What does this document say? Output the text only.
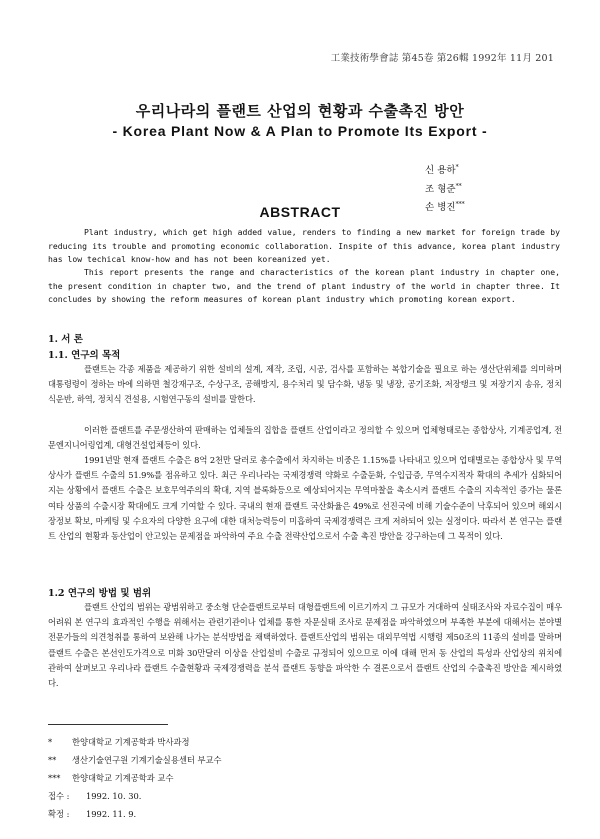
工業技術學會誌 第45卷 第26輯 1992年 11月 201
우리나라의 플랜트 산업의 현황과 수출촉진 방안
- Korea Plant Now & A Plan to Promote Its Export -
신 용하*
조 형준**
손 병진***
ABSTRACT
Plant industry, which get high added value, renders to finding a new market for foreign trade by reducing its trouble and promoting economic collaboration. Inspite of this advance, korea plant industry has low techical know-how and has not been koreanized yet.
This report presents the range and characteristics of the korean plant industry in chapter one, the present condition in chapter two, and the trend of plant industry of the world in chapter three. It concludes by showing the reform measures of korean plant industry which promoting korean export.
1. 서 론
1.1. 연구의 목적
플랜트는 각종 제품을 제공하기 위한 설비의 설계, 제작, 조립, 시공, 검사를 포함하는 복합기술을 필요로 하는 생산단위체를 의미하며 대통령령이 정하는 바에 의하면 철강재구조, 수상구조, 공해방지, 용수처리 및 담수화, 냉동 및 냉장, 공기조화, 저장탱크 및 저장기지 송유, 정치식운반, 하역, 정치식 견설용, 시험연구동의 설비를 말한다.
이러한 플랜트를 주문생산하여 판매하는 업체들의 집합을 플랜트 산업이라고 정의할 수 있으며 업체형태로는 종합상사, 기계공업계, 전문엔지니어링업계, 대형건설업체등이 있다.
1991년말 현재 플랜트 수출은 8억 2천만 달러로 총수출에서 차지하는 비중은 1.15%를 나타내고 있으며 업태별로는 종합상사 및 무역상사가 플랜트 수출의 51.9%를 점유하고 있다. 최근 우리나라는 국제경쟁력 약화로 수출둔화, 수입급증, 무역수지적자 확대의 추세가 심화되어지는 상황에서 플랜트 수출은 보호무역주의의 확대, 지역 블록화등으로 예상되어지는 무역마찰을 촉소시켜 플랜트 수출의 지속적인 증가는 물론 여타 상품의 수출시장 확대에도 크게 기여할 수 있다. 국내의 현재 플랜트 국산화율은 49%로 선진국에 비해 기술수준이 낙후되어 있으며 해외시장정보 확보, 마케팅 및 수요자의 다양한 요구에 대한 대처능력등이 미흡하여 국제경쟁력은 크게 저하되어 있는 실정이다. 따라서 본 연구는 플랜트 산업의 현황과 동산업이 안고있는 문제점을 파악하여 주요 수출 전략산업으로서 수출 촉진 방안을 강구하는데 그 목적이 있다.
1.2 연구의 방법 및 범위
플랜트 산업의 범위는 광범위하고 중소형 단순플랜트로부터 대형플랜트에 이르기까지 그 규모가 거대하여 실태조사와 자료수집이 매우 어려워 본 연구의 효과적인 수행을 위해서는 관련기관이나 업체를 통한 자문실태 조사로 문제점을 파악하였으며 부족한 부분에 대해서는 분야별 전문가들의 의견청취를 통하여 보완해 나가는 분석방법을 채택하였다. 플랜트산업의 범위는 대외무역법 시행령 제50조의 11종의 설비를 말하며 플랜트 수출은 본선인도가격으로 미화 30만달러 이상을 산업설비 수출로 규정되어 있으므로 이에 대해 먼저 동 산업의 특성과 산업상의 위치에 관하여 살펴보고 우리나라 플랜트 수출현황과 국제경쟁력을 분석 플랜트 동향을 파악한 수 결론으로서 플랜트 산업의 수출촉진 방안을 제시하였다.
* 한양대학교 기계공학과 박사과정
** 생산기술연구원 기계기술실용센터 부교수
*** 한양대학교 기계공학과 교수
접수 : 1992. 10. 30.
확정 : 1992. 11. 9.
